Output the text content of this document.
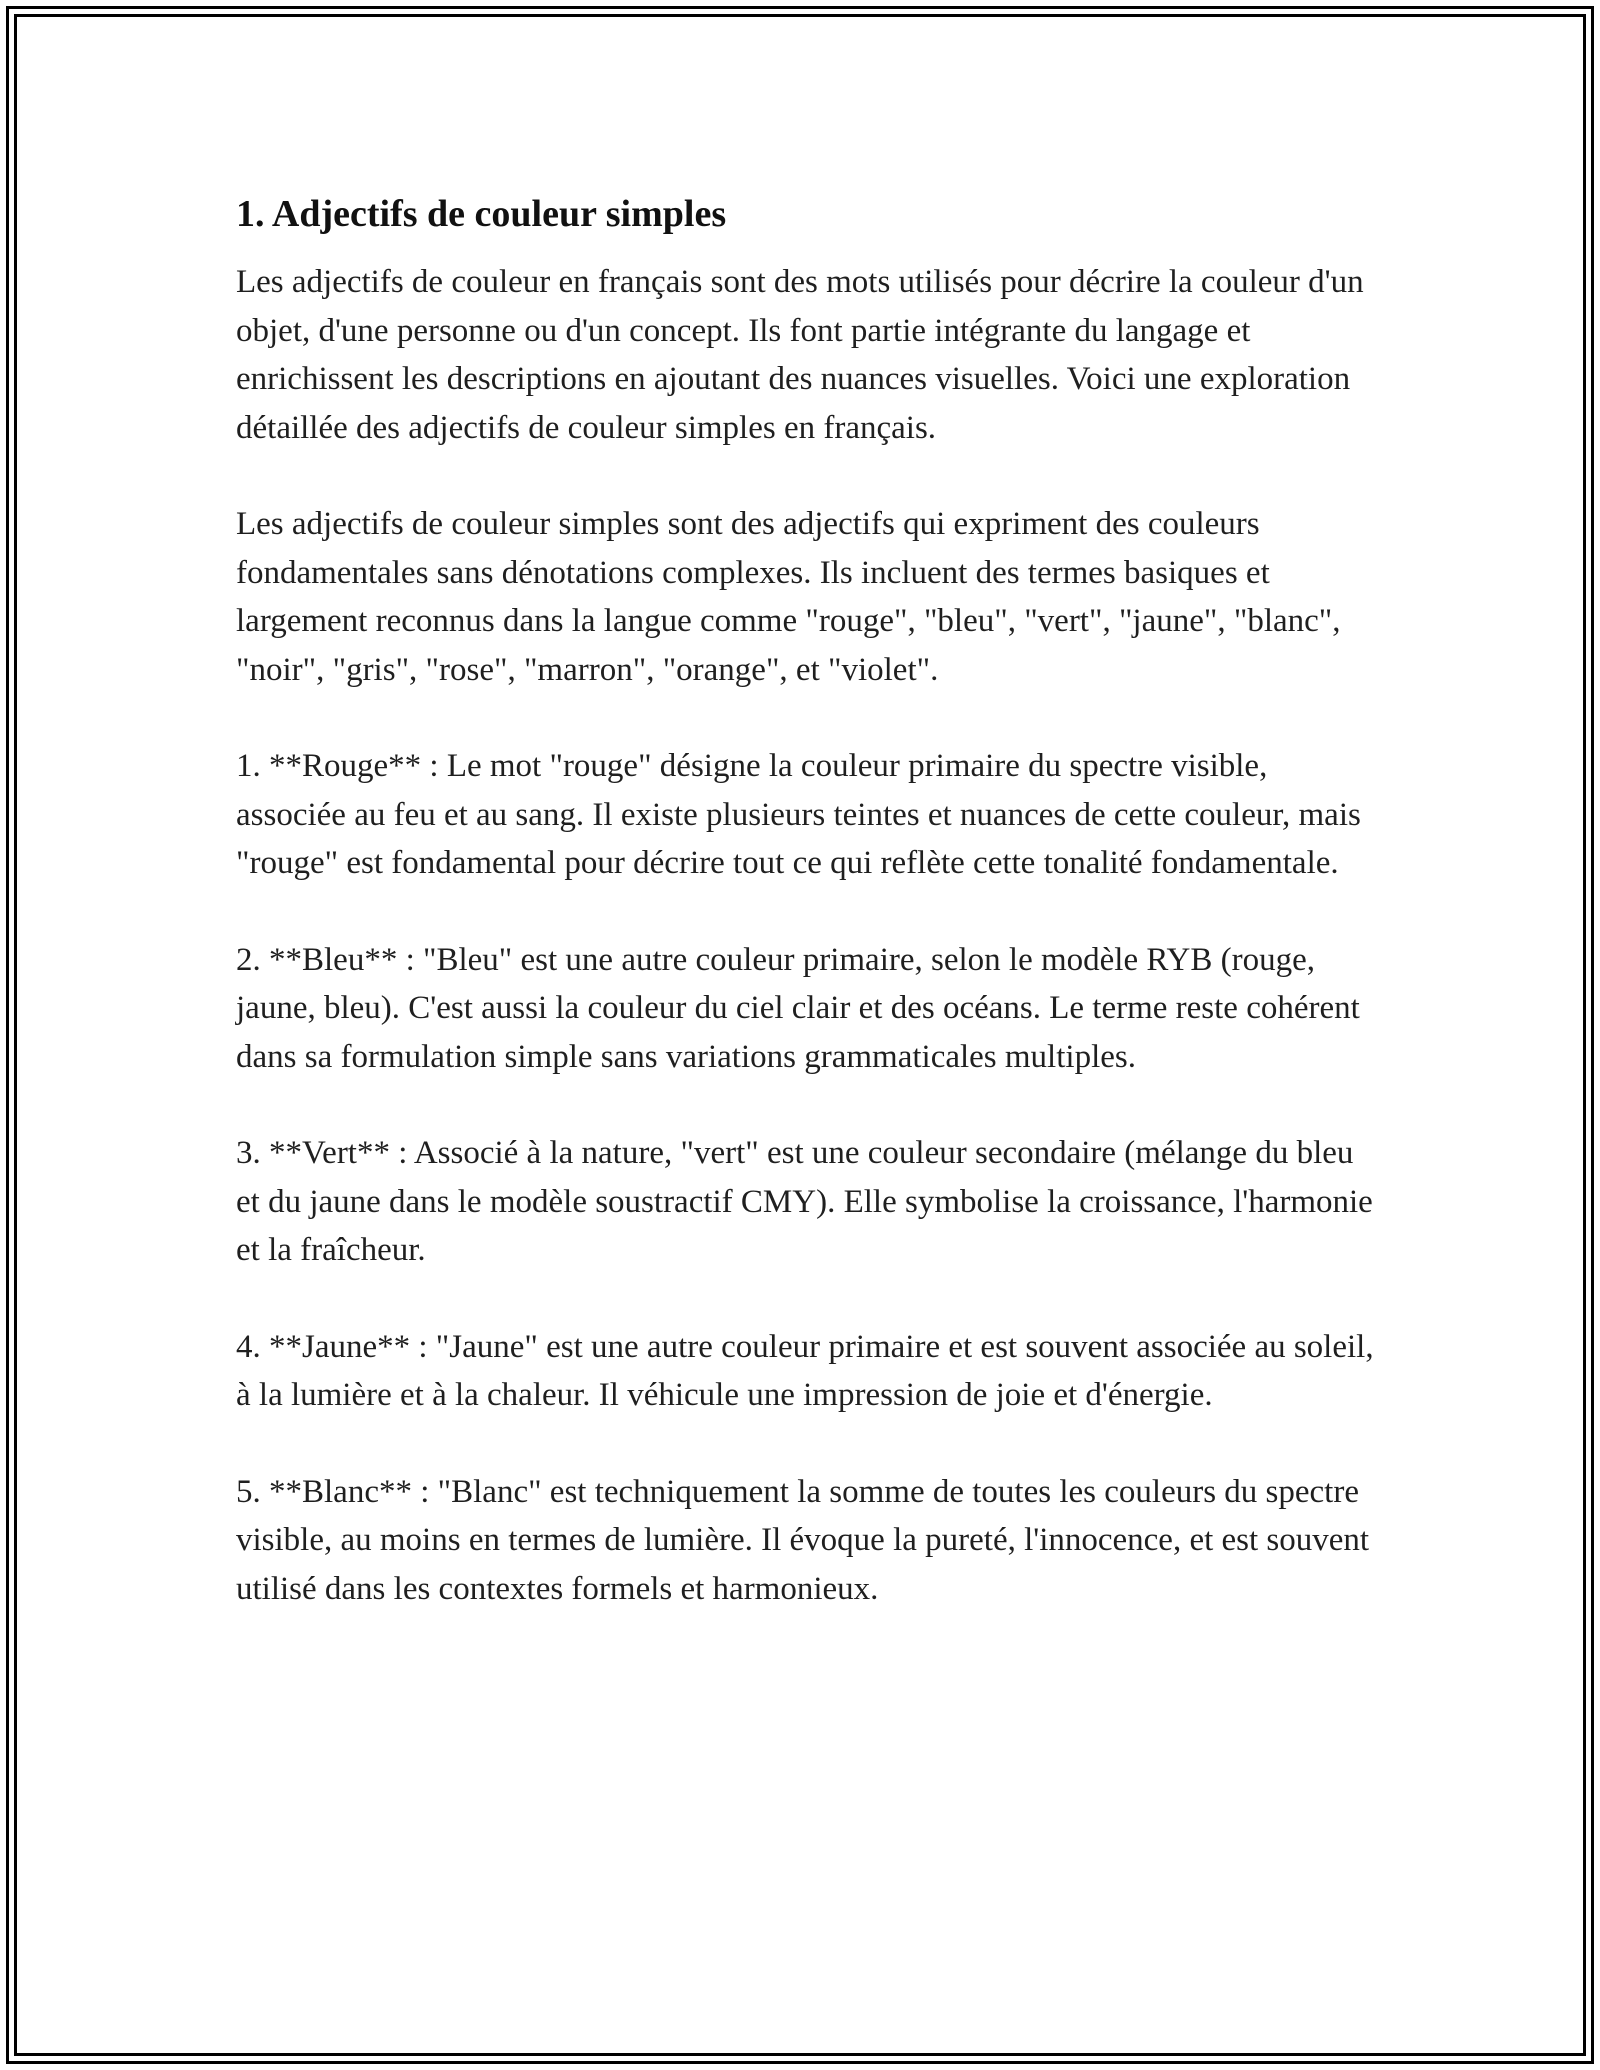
1. Adjectifs de couleur simples

Les adjectifs de couleur en français sont des mots utilisés pour décrire la couleur d'un objet, d'une personne ou d'un concept. Ils font partie intégrante du langage et enrichissent les descriptions en ajoutant des nuances visuelles. Voici une exploration détaillée des adjectifs de couleur simples en français.

Les adjectifs de couleur simples sont des adjectifs qui expriment des couleurs fondamentales sans dénotations complexes. Ils incluent des termes basiques et largement reconnus dans la langue comme "rouge", "bleu", "vert", "jaune", "blanc", "noir", "gris", "rose", "marron", "orange", et "violet".

1. **Rouge** : Le mot "rouge" désigne la couleur primaire du spectre visible, associée au feu et au sang. Il existe plusieurs teintes et nuances de cette couleur, mais "rouge" est fondamental pour décrire tout ce qui reflète cette tonalité fondamentale.

2. **Bleu** : "Bleu" est une autre couleur primaire, selon le modèle RYB (rouge, jaune, bleu). C'est aussi la couleur du ciel clair et des océans. Le terme reste cohérent dans sa formulation simple sans variations grammaticales multiples.

3. **Vert** : Associé à la nature, "vert" est une couleur secondaire (mélange du bleu et du jaune dans le modèle soustractif CMY). Elle symbolise la croissance, l'harmonie et la fraîcheur.

4. **Jaune** : "Jaune" est une autre couleur primaire et est souvent associée au soleil, à la lumière et à la chaleur. Il véhicule une impression de joie et d'énergie.

5. **Blanc** : "Blanc" est techniquement la somme de toutes les couleurs du spectre visible, au moins en termes de lumière. Il évoque la pureté, l'innocence, et est souvent utilisé dans les contextes formels et harmonieux.
